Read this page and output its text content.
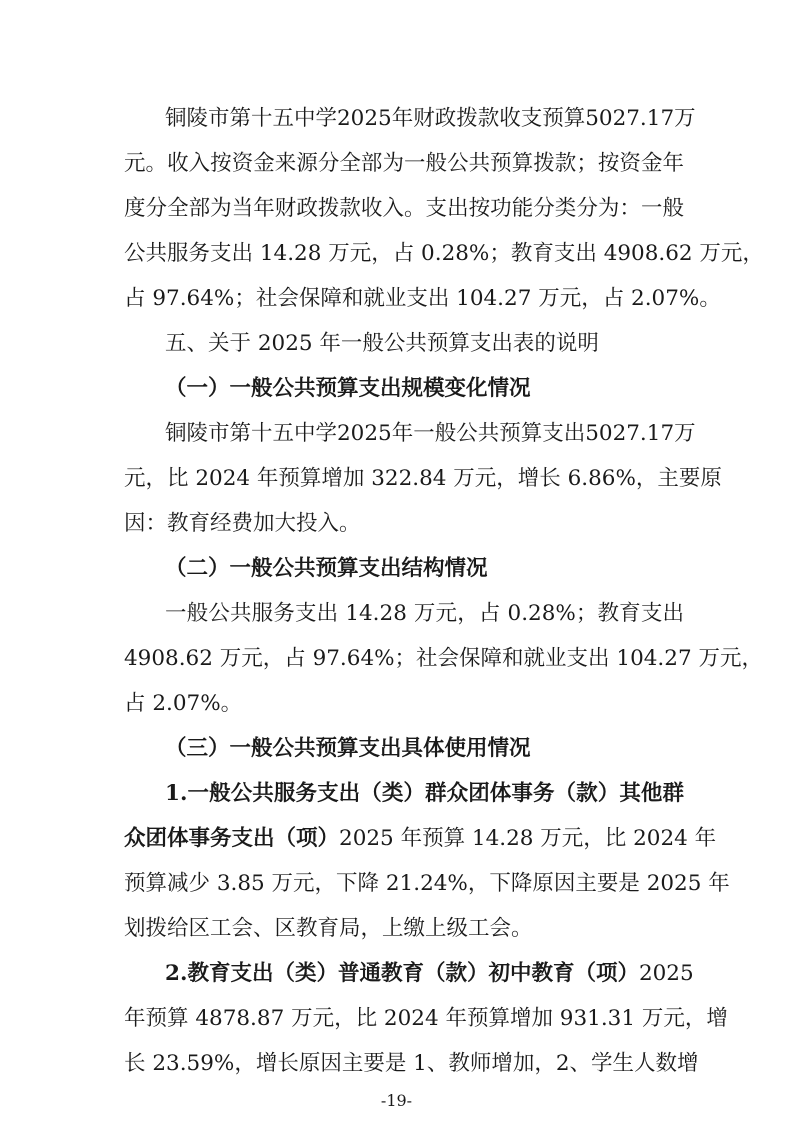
铜陵市第十五中学2025年财政拨款收支预算5027.17万
元。收入按资金来源分全部为一般公共预算拨款；按资金年
度分全部为当年财政拨款收入。支出按功能分类分为：一般
公共服务支出 14.28 万元，占 0.28%；教育支出 4908.62 万元，
占 97.64%；社会保障和就业支出 104.27 万元，占 2.07%。
五、关于 2025 年一般公共预算支出表的说明
（一）一般公共预算支出规模变化情况
铜陵市第十五中学2025年一般公共预算支出5027.17万
元，比 2024 年预算增加 322.84 万元，增长 6.86%，主要原
因：教育经费加大投入。
（二）一般公共预算支出结构情况
一般公共服务支出 14.28 万元，占 0.28%；教育支出
4908.62 万元，占 97.64%；社会保障和就业支出 104.27 万元，
占 2.07%。
（三）一般公共预算支出具体使用情况
1.一般公共服务支出（类）群众团体事务（款）其他群
众团体事务支出（项）2025 年预算 14.28 万元，比 2024 年
预算减少 3.85 万元，下降 21.24%，下降原因主要是 2025 年
划拨给区工会、区教育局，上缴上级工会。
2.教育支出（类）普通教育（款）初中教育（项）2025
年预算 4878.87 万元，比 2024 年预算增加 931.31 万元，增
长 23.59%，增长原因主要是 1、教师增加，2、学生人数增
-19-
